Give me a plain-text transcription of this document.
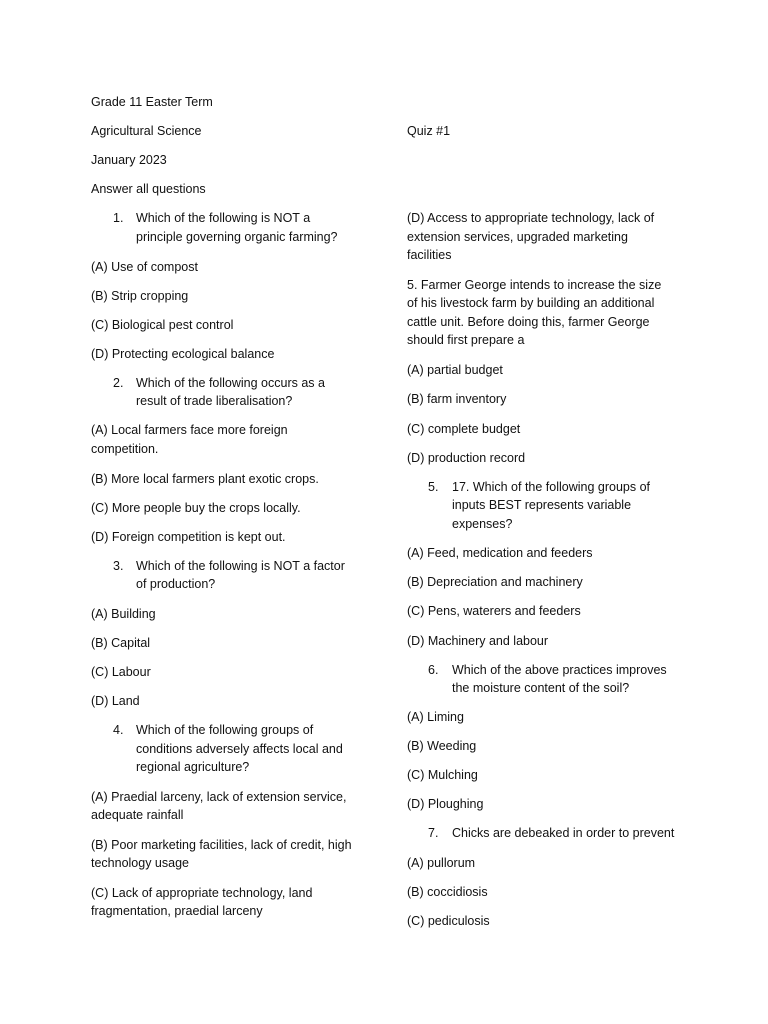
Grade 11 Easter Term
Agricultural Science	Quiz #1
January 2023
Answer all questions
1. Which of the following is NOT a
principle governing organic farming?
(A) Use of compost
(B) Strip cropping
(C) Biological pest control
(D) Protecting ecological balance
2. Which of the following occurs as a
result of trade liberalisation?
(A) Local farmers face more foreign
competition.
(B) More local farmers plant exotic crops.
(C) More people buy the crops locally.
(D) Foreign competition is kept out.
3. Which of the following is NOT a factor
of production?
(A) Building
(B) Capital
(C) Labour
(D) Land
4. Which of the following groups of
conditions adversely affects local and
regional agriculture?
(A) Praedial larceny, lack of extension service,
adequate rainfall
(B) Poor marketing facilities, lack of credit, high
technology usage
(C) Lack of appropriate technology, land
fragmentation, praedial larceny
(D) Access to appropriate technology, lack of
extension services, upgraded marketing
facilities
5. Farmer George intends to increase the size
of his livestock farm by building an additional
cattle unit. Before doing this, farmer George
should first prepare a
(A) partial budget
(B) farm inventory
(C) complete budget
(D) production record
5. 17. Which of the following groups of
inputs BEST represents variable
expenses?
(A) Feed, medication and feeders
(B) Depreciation and machinery
(C) Pens, waterers and feeders
(D) Machinery and labour
6. Which of the above practices improves
the moisture content of the soil?
(A) Liming
(B) Weeding
(C) Mulching
(D) Ploughing
7. Chicks are debeaked in order to prevent
(A) pullorum
(B) coccidiosis
(C) pediculosis
